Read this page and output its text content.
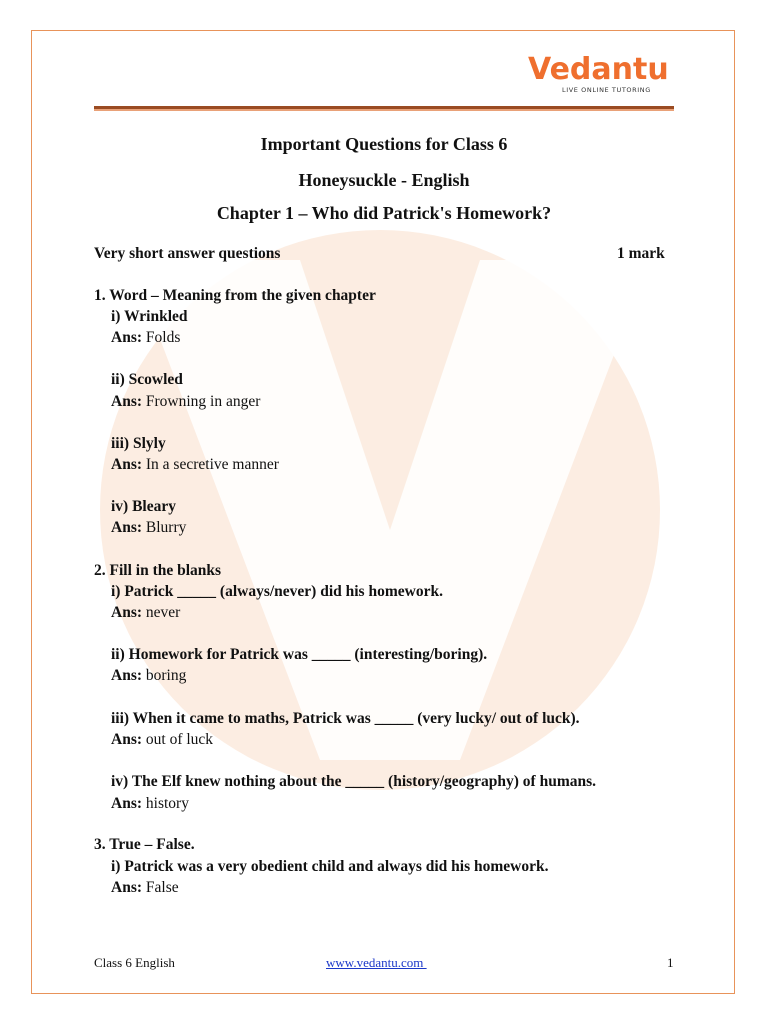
Vedantu
LIVE ONLINE TUTORING
Important Questions for Class 6
Honeysuckle - English
Chapter 1 – Who did Patrick's Homework?
Very short answer questions	1 mark
1. Word – Meaning from the given chapter
i) Wrinkled
Ans: Folds
ii) Scowled
Ans: Frowning in anger
iii) Slyly
Ans: In a secretive manner
iv) Bleary
Ans: Blurry
2. Fill in the blanks
i) Patrick _____ (always/never) did his homework.
Ans: never
ii) Homework for Patrick was _____ (interesting/boring).
Ans: boring
iii) When it came to maths, Patrick was _____ (very lucky/ out of luck).
Ans: out of luck
iv) The Elf knew nothing about the _____ (history/geography) of humans.
Ans: history
3. True – False.
i) Patrick was a very obedient child and always did his homework.
Ans: False
Class 6 English	www.vedantu.com	1
